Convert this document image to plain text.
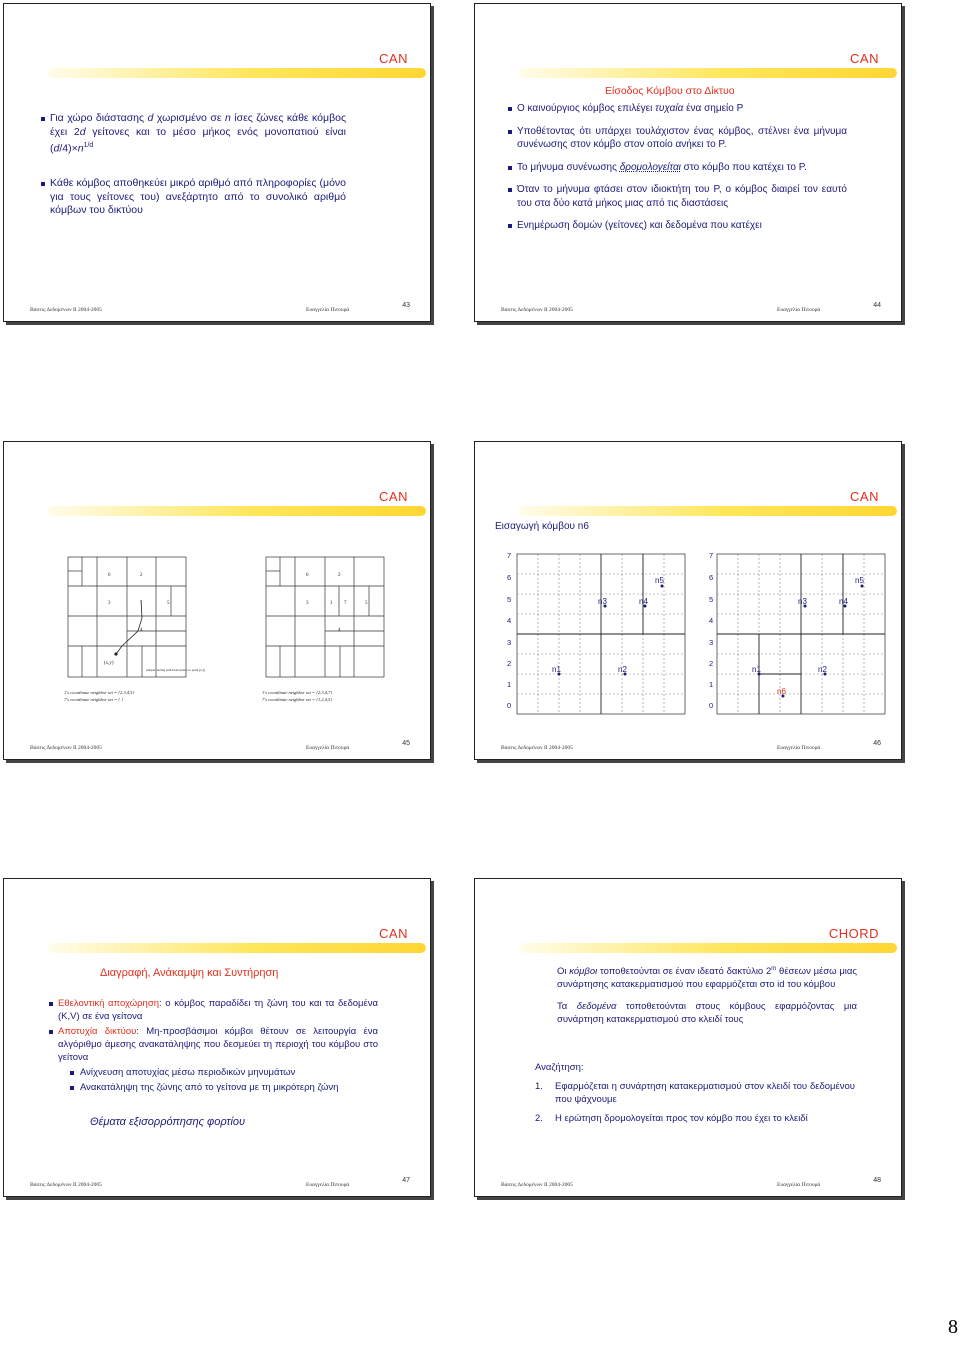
CAN

Για χώρο διάστασης d χωρισμένο σε n ίσες ζώνες κάθε κόμβος έχει 2d γείτονες και το μέσο μήκος ενός μονοπατιού είναι $(d/4)\times n^{1/d}$

Κάθε κόμβος αποθηκεύει μικρό αριθμό από πληροφορίες (μόνο για τους γείτονες του) ανεξάρτητο από το συνολικό αριθμό κόμβων του δικτύου

Βάσεις Δεδομένων ΙΙ 2004-2005	Ευαγγελία Πιτουρά
43
CAN
Είσοδος Κόμβου στο Δίκτυο

Ο καινούργιος κόμβος επιλέγει τυχαία ένα σημείο P

Υποθέτοντας ότι υπάρχει τουλάχιστον ένας κόμβος, στέλνει ένα μήνυμα συνένωσης στον κόμβο στον οποίο ανήκει το P.

Το μήνυμα συνένωσης δρομολογείται στο κόμβο που κατέχει το P.

Όταν το μήνυμα φτάσει στον ιδιοκτήτη του P, ο κόμβος διαιρεί τον εαυτό του στα δύο κατά μήκος μιας από τις διαστάσεις

Ενημέρωση δομών (γείτονες) και δεδομένα που κατέχει

Βάσεις Δεδομένων ΙΙ 2004-2005	Ευαγγελία Πιτουρά
44
CAN
6	2
3	1	5
4
(x,y)
sample routing path from node 1 to point (x,y)
1's coordinate neighbor set = {2,3,4,5}
7's coordinate neighbor set = { }
6	2
3	1 7	5
4
1's coordinate neighbor set = {2,3,4,7}
7's coordinate neighbor set = {1,2,4,5}
Βάσεις Δεδομένων ΙΙ 2004-2005	Ευαγγελία Πιτουρά
45
CAN
Εισαγωγή κόμβου n6
n5
n3	n4
n1	n2
7
6
5
4
3
2
1
0
n5
n3	n4
n1	n2
n6
7
6
5
4
3
2
1
0
Βάσεις Δεδομένων ΙΙ 2004-2005	Ευαγγελία Πιτουρά
46
CAN
Διαγραφή, Ανάκαμψη και Συντήρηση

Εθελοντική αποχώρηση: ο κόμβος παραδίδει τη ζώνη του και τα δεδομένα (K,V) σε ένα γείτονα

Αποτυχία δικτύου: Μη-προσβάσιμοι κόμβοι θέτουν σε λειτουργία ένα αλγόριθμο άμεσης ανακατάληψης που δεσμεύει τη περιοχή του κόμβου στο γείτονα

Ανίχνευση αποτυχίας μέσω περιοδικών μηνυμάτων

Ανακατάληψη της ζώνης από το γείτονα με τη μικρότερη ζώνη

Θέματα εξισορρόπησης φορτίου
Βάσεις Δεδομένων ΙΙ 2004-2005	Ευαγγελία Πιτουρά
47
CHORD

Οι κόμβοι τοποθετούνται σε έναν ιδεατό δακτύλιο 2$^m$ θέσεων μέσω μιας συνάρτησης κατακερματισμού που εφαρμόζεται στο id του κόμβου

Τα δεδομένα τοποθετούνται στους κόμβους εφαρμόζοντας μια συνάρτηση κατακερματισμού στο κλειδί τους

Αναζήτηση:

1. Εφαρμόζεται η συνάρτηση κατακερματισμού στον κλειδί του δεδομένου που ψάχνουμε

2. Η ερώτηση δρομολογείται προς τον κόμβο που έχει το κλειδί

Βάσεις Δεδομένων ΙΙ 2004-2005	Ευαγγελία Πιτουρά
48
8
